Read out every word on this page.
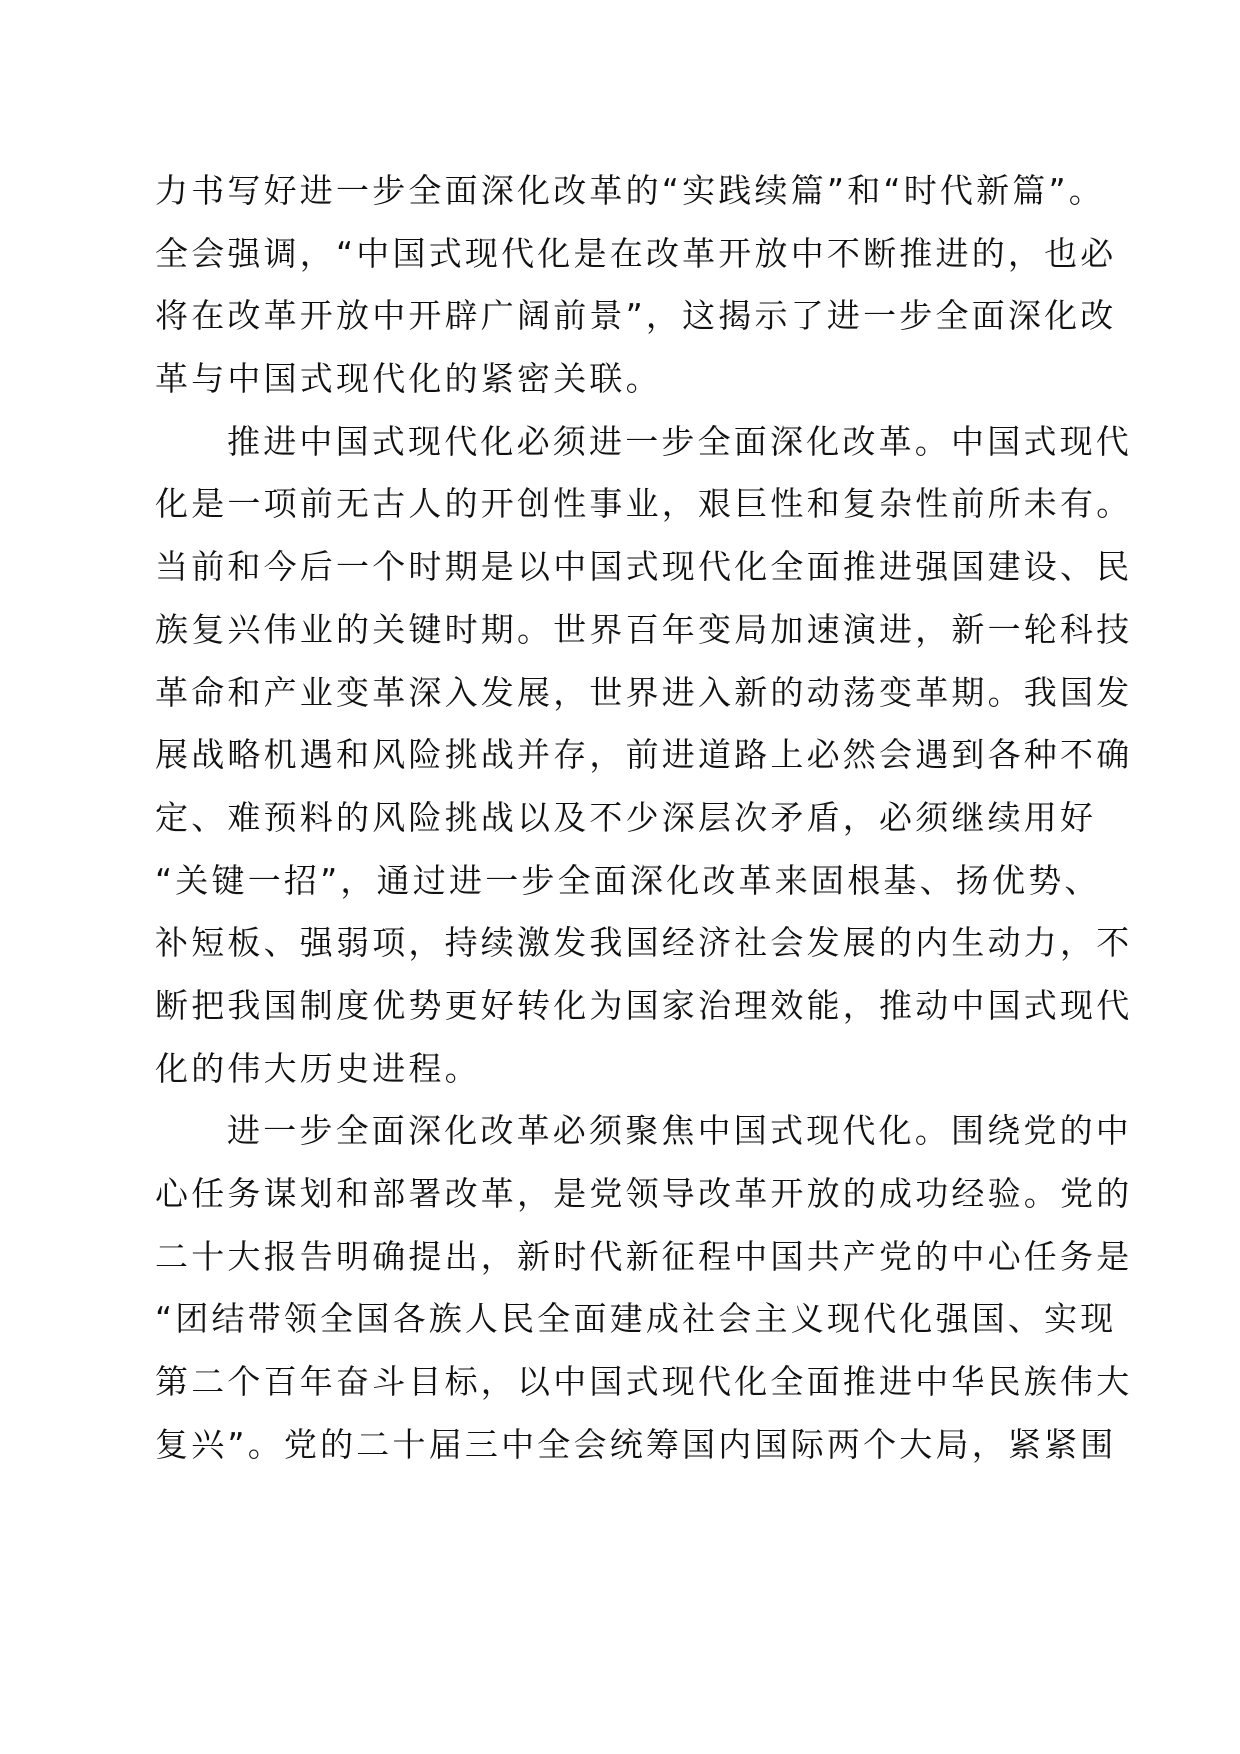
力书写好进一步全面深化改革的“实践续篇”和“时代新篇”。
全会强调，“中国式现代化是在改革开放中不断推进的，也必
将在改革开放中开辟广阔前景”，这揭示了进一步全面深化改
革与中国式现代化的紧密关联。
推进中国式现代化必须进一步全面深化改革。中国式现代
化是一项前无古人的开创性事业，艰巨性和复杂性前所未有。
当前和今后一个时期是以中国式现代化全面推进强国建设、民
族复兴伟业的关键时期。世界百年变局加速演进，新一轮科技
革命和产业变革深入发展，世界进入新的动荡变革期。我国发
展战略机遇和风险挑战并存，前进道路上必然会遇到各种不确
定、难预料的风险挑战以及不少深层次矛盾，必须继续用好
“关键一招”，通过进一步全面深化改革来固根基、扬优势、
补短板、强弱项，持续激发我国经济社会发展的内生动力，不
断把我国制度优势更好转化为国家治理效能，推动中国式现代
化的伟大历史进程。
进一步全面深化改革必须聚焦中国式现代化。围绕党的中
心任务谋划和部署改革，是党领导改革开放的成功经验。党的
二十大报告明确提出，新时代新征程中国共产党的中心任务是
“团结带领全国各族人民全面建成社会主义现代化强国、实现
第二个百年奋斗目标，以中国式现代化全面推进中华民族伟大
复兴”。党的二十届三中全会统筹国内国际两个大局，紧紧围
